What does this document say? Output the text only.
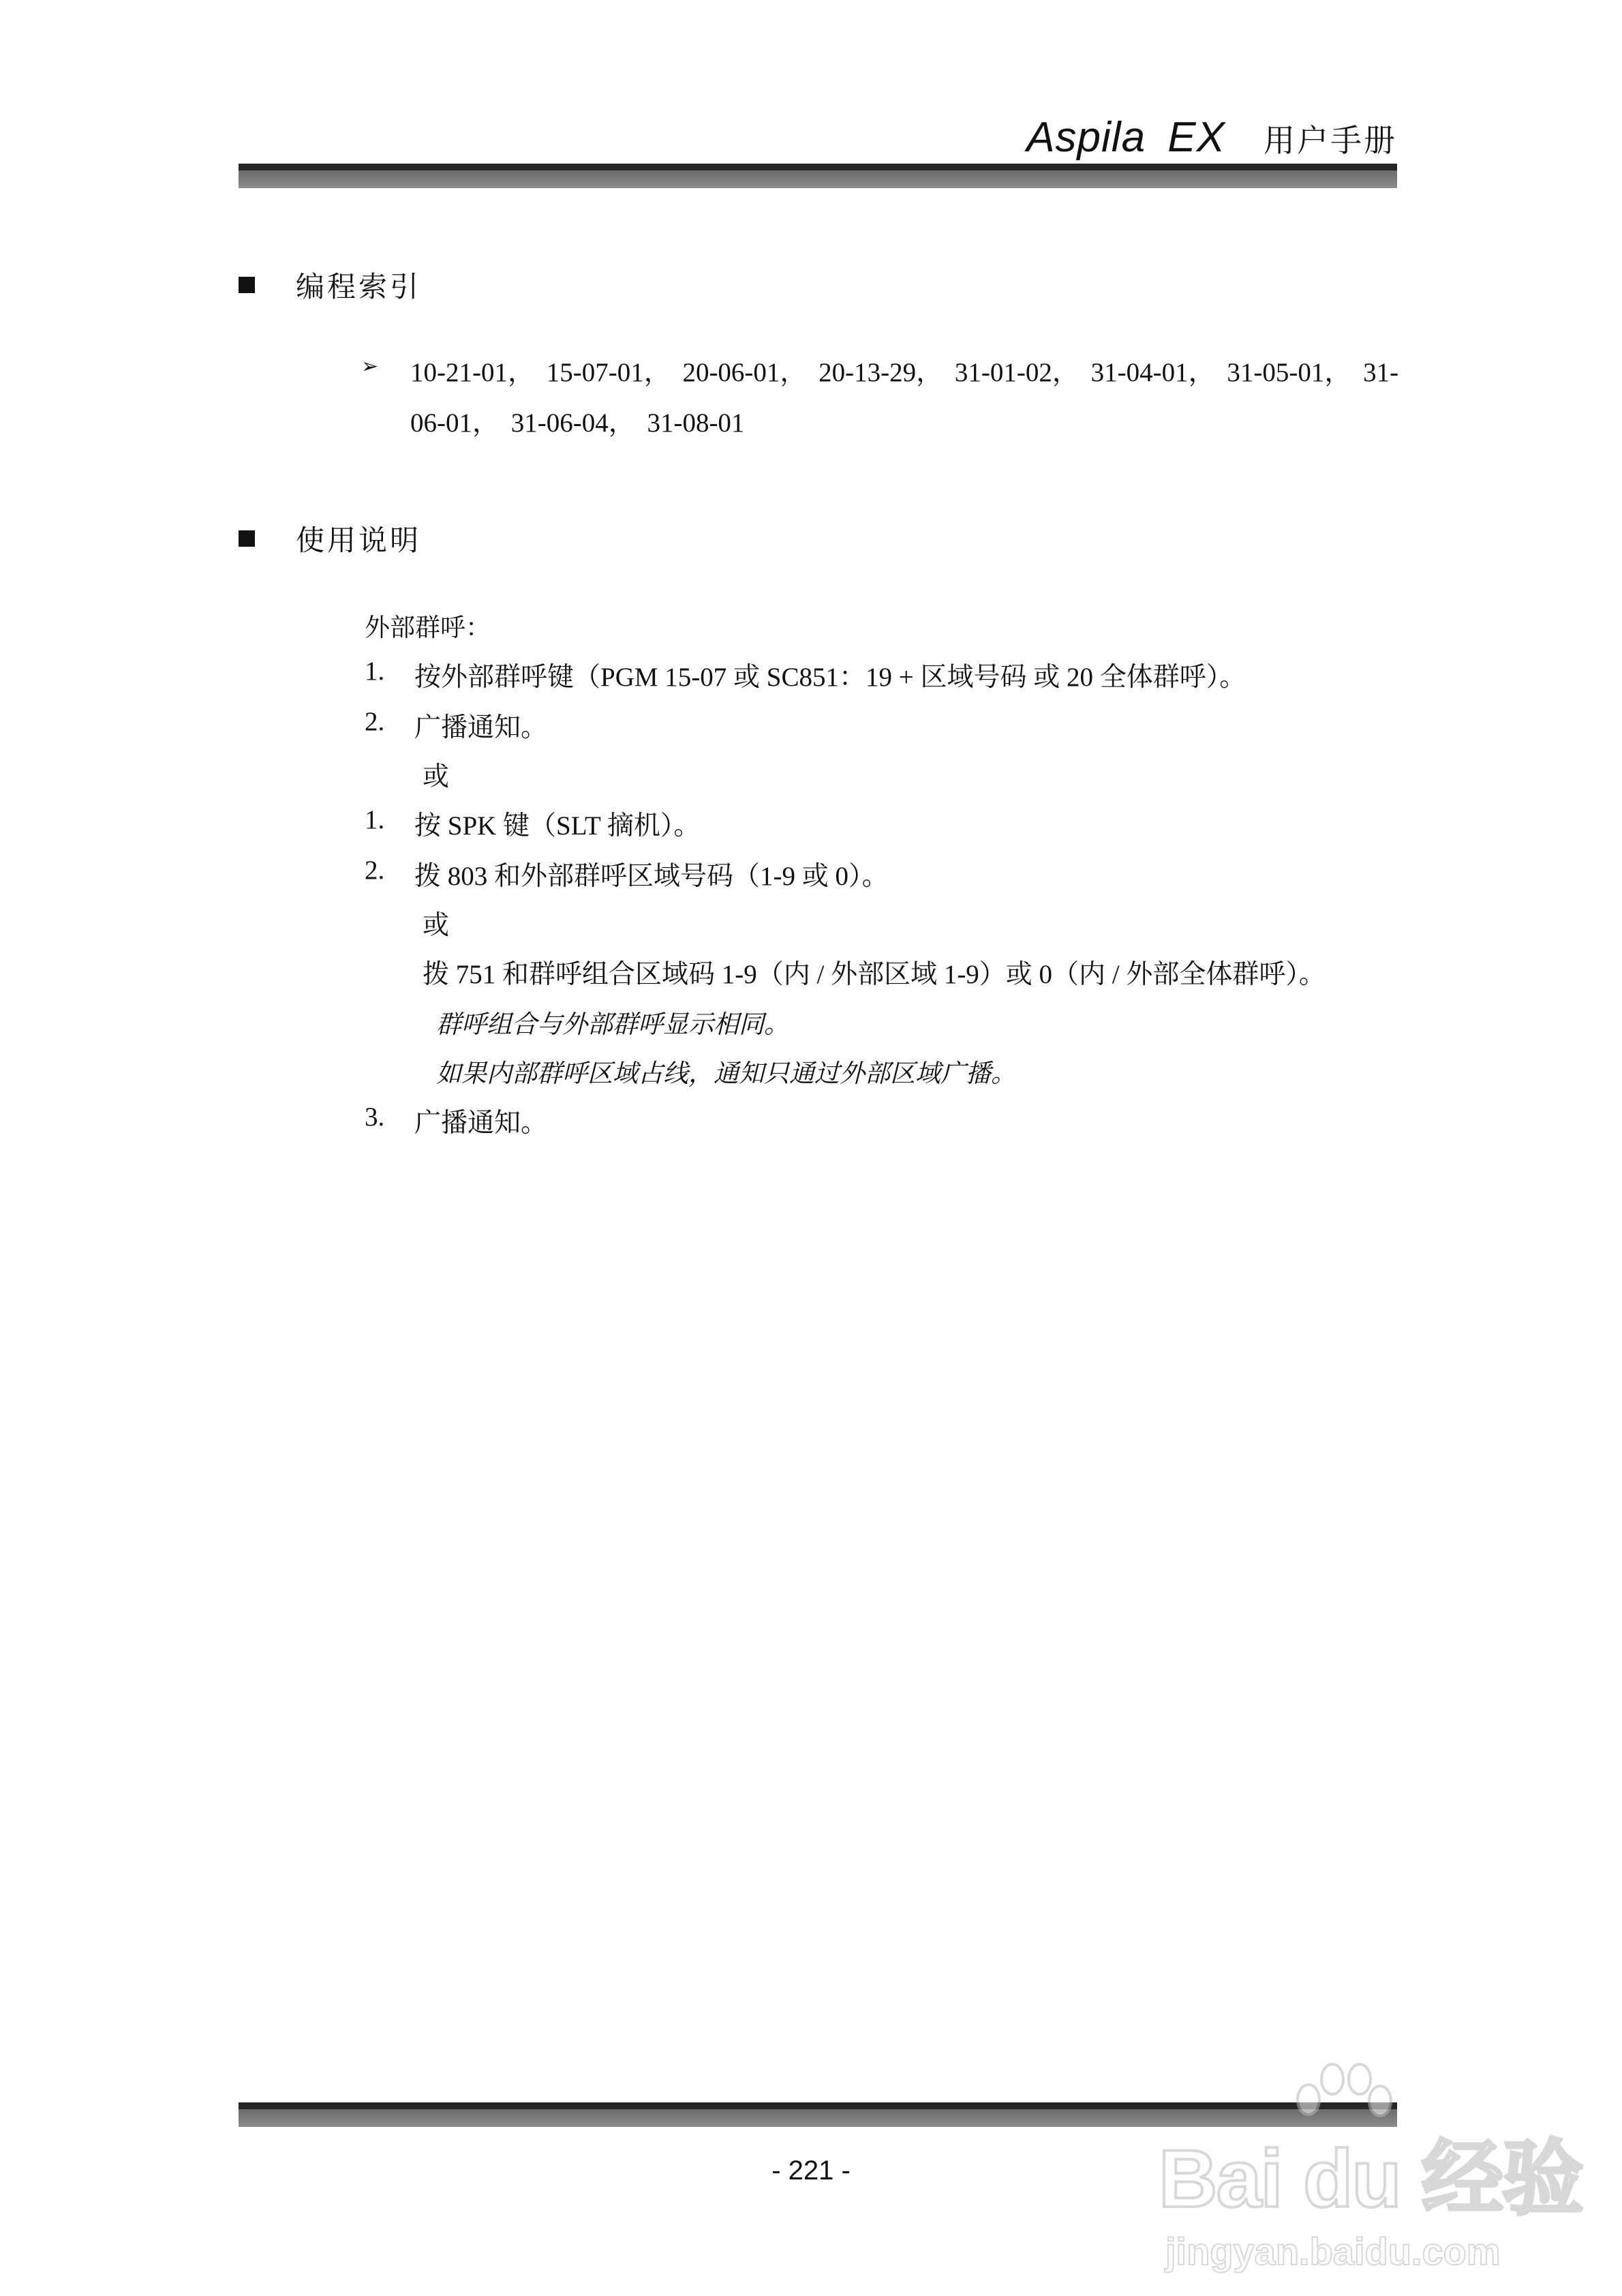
Aspila EX 用户手册
编程索引
➢ 10-21-01， 15-07-01， 20-06-01， 20-13-29， 31-01-02， 31-04-01， 31-05-01， 31-06-01， 31-06-04， 31-08-01
使用说明
外部群呼：
1. 按外部群呼键（PGM 15-07 或 SC851：19 + 区域号码 或 20 全体群呼）。
2. 广播通知。
或
1. 按 SPK 键（SLT 摘机）。
2. 拨 803 和外部群呼区域号码（1-9 或 0）。
或
拨 751 和群呼组合区域码 1-9（内 / 外部区域 1-9）或 0（内 / 外部全体群呼）。
群呼组合与外部群呼显示相同。
如果内部群呼区域占线，通知只通过外部区域广播。
3. 广播通知。
- 221 -	Bai du 经验
jingyan.baidu.com
